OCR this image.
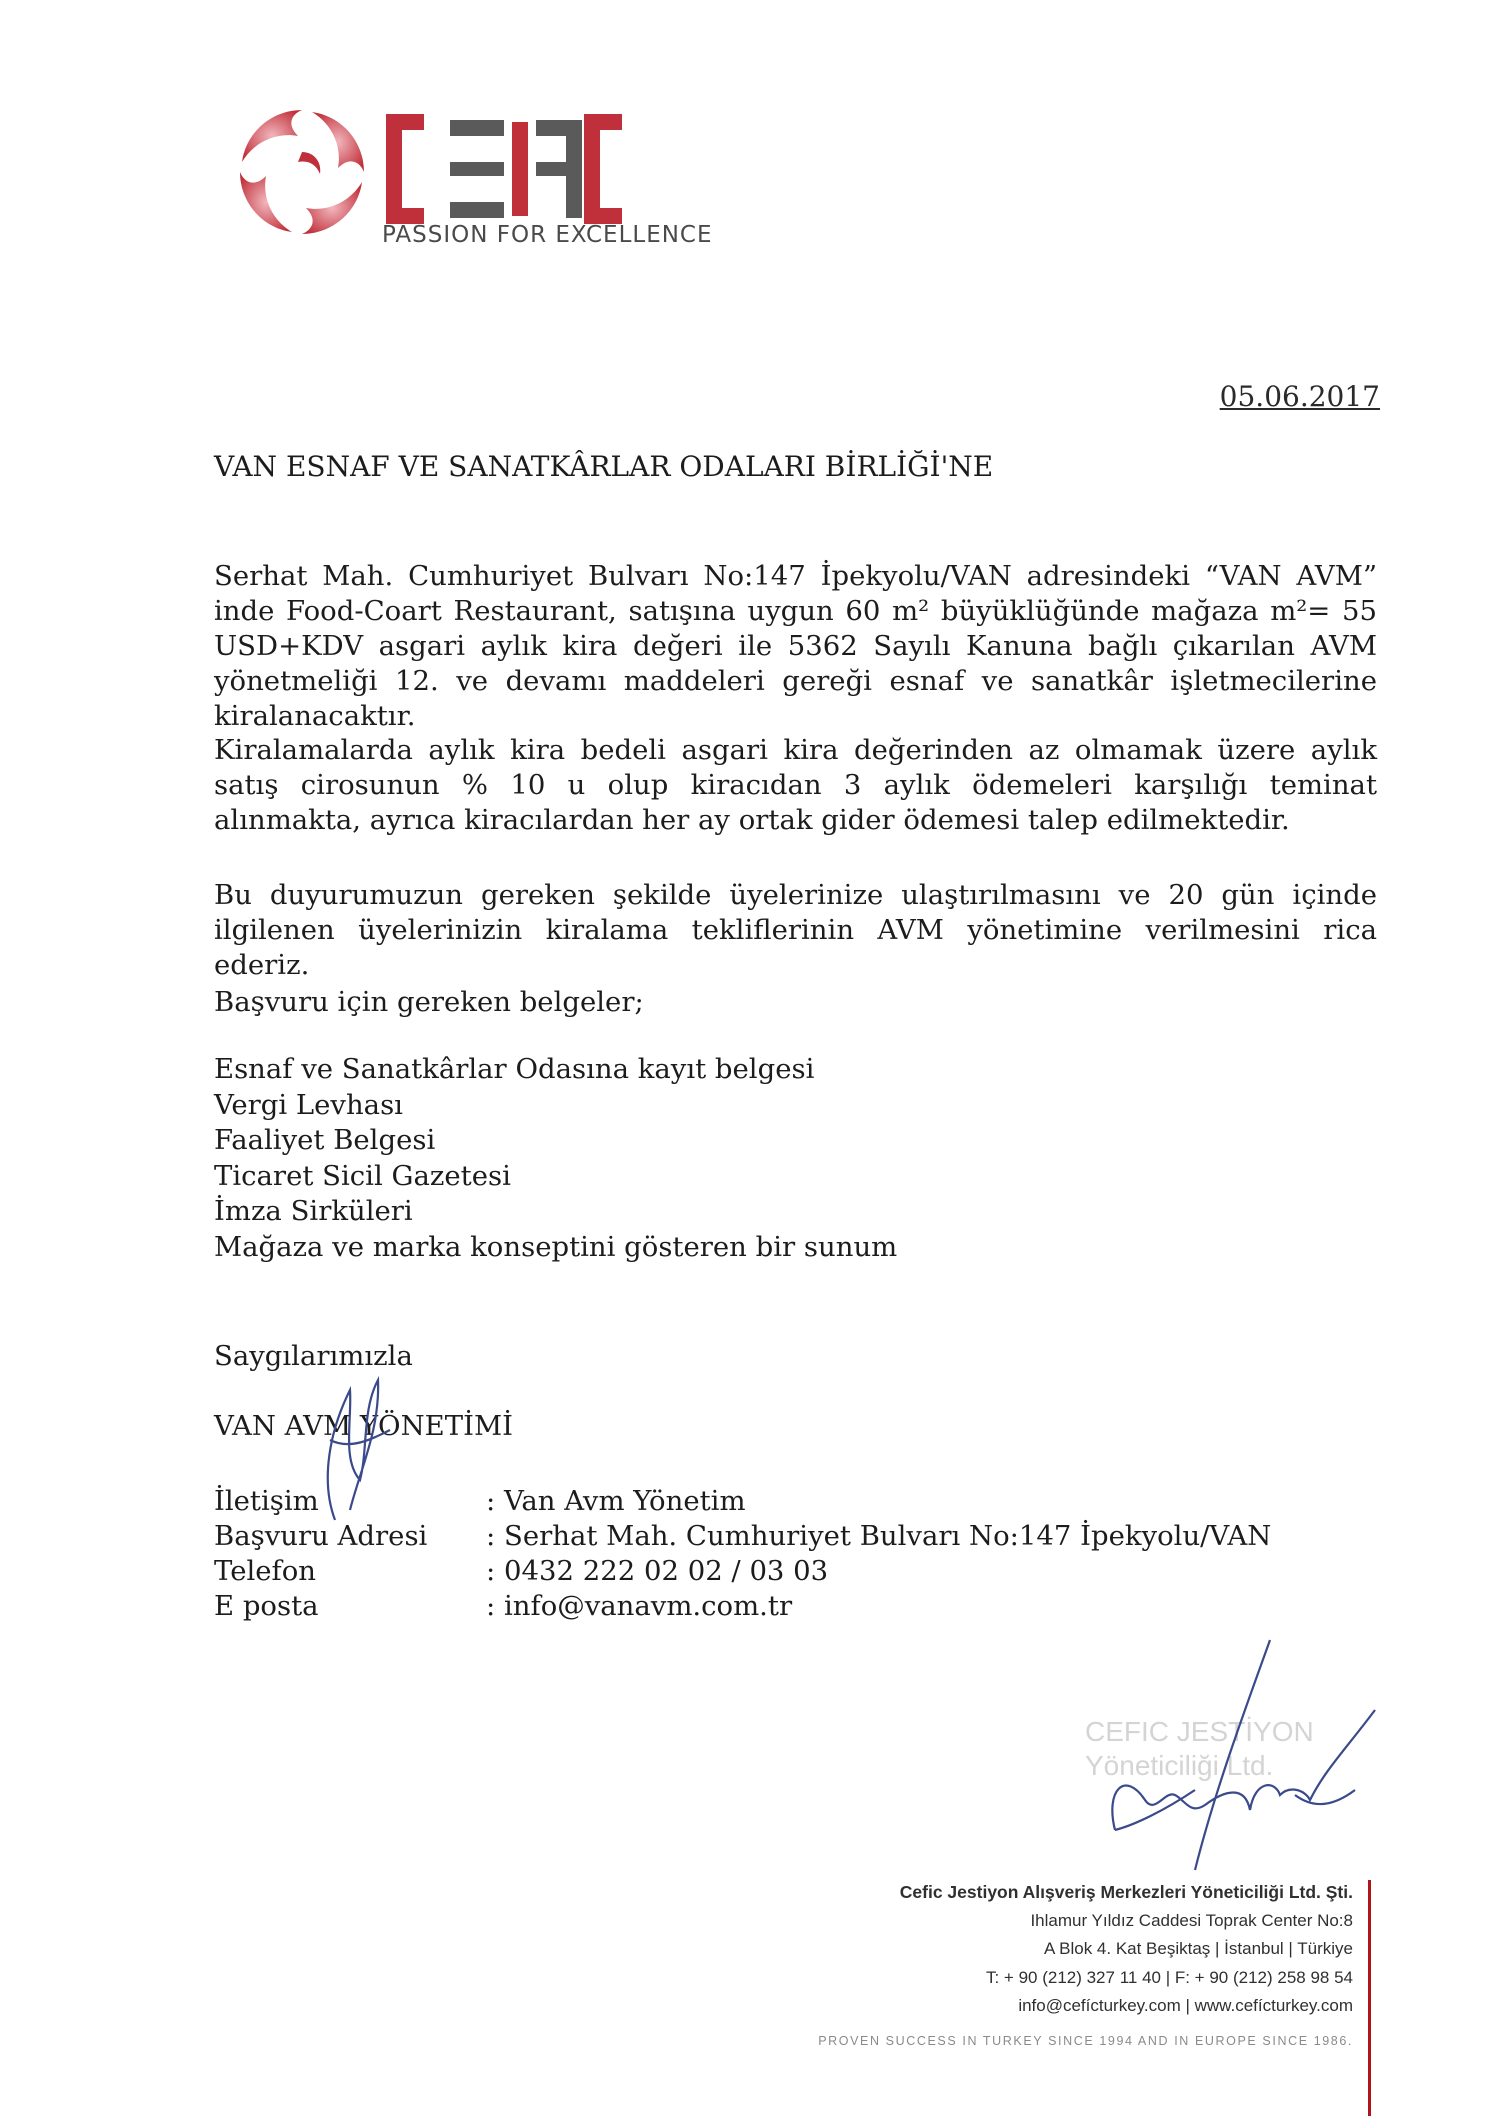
CEFIC
PASSION FOR EXCELLENCE
05.06.2017
VAN ESNAF VE SANATKÂRLAR ODALARI BİRLİĞİ'NE

Serhat Mah. Cumhuriyet Bulvarı No:147 İpekyolu/VAN adresindeki “VAN AVM” inde Food-Coart Restaurant, satışına uygun 60 m² büyüklüğünde mağaza m²= 55 USD+KDV asgari aylık kira değeri ile 5362 Sayılı Kanuna bağlı çıkarılan AVM yönetmeliği 12. ve devamı maddeleri gereği esnaf ve sanatkâr işletmecilerine kiralanacaktır.

Kiralamalarda aylık kira bedeli asgari kira değerinden az olmamak üzere aylık satış cirosunun % 10 u olup kiracıdan 3 aylık ödemeleri karşılığı teminat alınmakta, ayrıca kiracılardan her ay ortak gider ödemesi talep edilmektedir.

Bu duyurumuzun gereken şekilde üyelerinize ulaştırılmasını ve 20 gün içinde ilgilenen üyelerinizin kiralama tekliflerinin AVM yönetimine verilmesini rica ederiz.

Başvuru için gereken belgeler;
Esnaf ve Sanatkârlar Odasına kayıt belgesi
Vergi Levhası
Faaliyet Belgesi
Ticaret Sicil Gazetesi
İmza Sirküleri
Mağaza ve marka konseptini gösteren bir sunum
Saygılarımızla
VAN AVM YÖNETİMİ
İletişim	: Van Avm Yönetim
Başvuru Adresi	: Serhat Mah. Cumhuriyet Bulvarı No:147 İpekyolu/VAN
Telefon	: 0432 222 02 02 / 03 03
E posta	: info@vanavm.com.tr
CEFIC JESTİYON
Yöneticiliği Ltd.
Cefic Jestiyon Alışveriş Merkezleri Yöneticiliği Ltd. Şti.
Ihlamur Yıldız Caddesi Toprak Center No:8
A Blok 4. Kat Beşiktaş | İstanbul | Türkiye
T: + 90 (212) 327 11 40 | F: + 90 (212) 258 98 54
info@cefícturkey.com | www.cefícturkey.com
PROVEN SUCCESS IN TURKEY SINCE 1994 AND IN EUROPE SINCE 1986.
